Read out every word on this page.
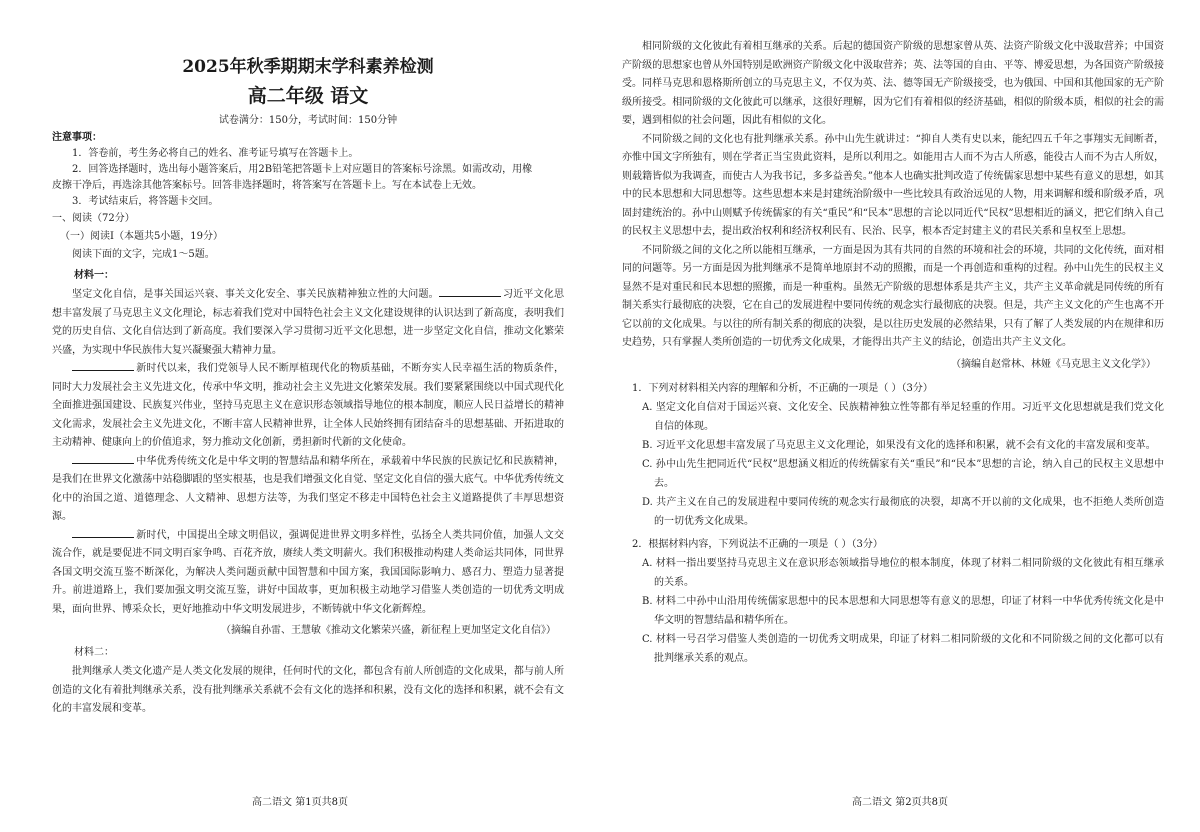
2025年秋季期期末学科素养检测
高二年级 语文
试卷满分：150分，考试时间：150分钟
注意事项：
1．答卷前，考生务必将自己的姓名、准考证号填写在答题卡上。
2．回答选择题时，选出每小题答案后，用2B铅笔把答题卡上对应题目的答案标号涂黑。如需改动，用橡
皮擦干净后，再选涂其他答案标号。回答非选择题时，将答案写在答题卡上。写在本试卷上无效。
3．考试结束后，将答题卡交回。
一、阅读（72分）
（一）阅读Ⅰ（本题共5小题，19分）
阅读下面的文字，完成1～5题。
材料一：

坚定文化自信，是事关国运兴衰、事关文化安全、事关民族精神独立性的大问题。	习近平文化思想丰富发展了马克思主义文化理论，标志着我们党对中国特色社会主义文化建设规律的认识达到了新高度，表明我们党的历史自信、文化自信达到了新高度。我们要深入学习贯彻习近平文化思想，进一步坚定文化自信，推动文化繁荣兴盛，为实现中华民族伟大复兴凝聚强大精神力量。

新时代以来，我们党领导人民不断厚植现代化的物质基础，不断夯实人民幸福生活的物质条件，同时大力发展社会主义先进文化，传承中华文明，推动社会主义先进文化繁荣发展。我们要紧紧围绕以中国式现代化全面推进强国建设、民族复兴伟业，坚持马克思主义在意识形态领域指导地位的根本制度，顺应人民日益增长的精神文化需求，发展社会主义先进文化，不断丰富人民精神世界，让全体人民始终拥有团结奋斗的思想基础、开拓进取的主动精神、健康向上的价值追求，努力推动文化创新，勇担新时代新的文化使命。

中华优秀传统文化是中华文明的智慧结晶和精华所在，承载着中华民族的民族记忆和民族精神，是我们在世界文化激荡中站稳脚跟的坚实根基，也是我们增强文化自觉、坚定文化自信的强大底气。中华优秀传统文化中的治国之道、道德理念、人文精神、思想方法等，为我们坚定不移走中国特色社会主义道路提供了丰厚思想资源。

新时代，中国提出全球文明倡议，强调促进世界文明多样性，弘扬全人类共同价值，加强人文交流合作，就是要促进不同文明百家争鸣、百花齐放，赓续人类文明薪火。我们积极推动构建人类命运共同体，同世界各国文明交流互鉴不断深化，为解决人类问题贡献中国智慧和中国方案，我国国际影响力、感召力、塑造力显著提升。前进道路上，我们要加强文明交流互鉴，讲好中国故事，更加积极主动地学习借鉴人类创造的一切优秀文明成果，面向世界、博采众长，更好地推动中华文明发展进步，不断铸就中华文化新辉煌。

（摘编自孙雷、王慧敏《推动文化繁荣兴盛，新征程上更加坚定文化自信》）
材料二：

批判继承人类文化遗产是人类文化发展的规律，任何时代的文化，都包含有前人所创造的文化成果，都与前人所创造的文化有着批判继承关系，没有批判继承关系就不会有文化的选择和积累，没有文化的选择和积累，就不会有文化的丰富发展和变革。

高二语文 第1页共8页

相同阶级的文化彼此有着相互继承的关系。后起的德国资产阶级的思想家曾从英、法资产阶级文化中汲取营养；中国资产阶级的思想家也曾从外国特别是欧洲资产阶级文化中汲取营养；英、法等国的自由、平等、博爱思想，为各国资产阶级接受。同样马克思和恩格斯所创立的马克思主义，不仅为英、法、德等国无产阶级接受，也为俄国、中国和其他国家的无产阶级所接受。相同阶级的文化彼此可以继承，这很好理解，因为它们有着相似的经济基础，相似的阶级本质，相似的社会的需要，遇到相似的社会问题，因此有相似的文化。

不同阶级之间的文化也有批判继承关系。孙中山先生就讲过：“抑自人类有史以来，能纪四五千年之事翔实无间断者，亦惟中国文字所独有，则在学者正当宝贵此资料，是所以利用之。如能用古人而不为古人所惑，能役古人而不为古人所奴，则载籍皆似为我调查，而使古人为我书记，多多益善矣。”他本人也确实批判改造了传统儒家思想中某些有意义的思想，如其中的民本思想和大同思想等。这些思想本来是封建统治阶级中一些比较具有政治远见的人物，用来调解和缓和阶级矛盾，巩固封建统治的。孙中山则赋予传统儒家的有关“重民”和“民本”思想的言论以同近代“民权”思想相近的涵义，把它们纳入自己的民权主义思想中去，提出政治权利和经济权利民有、民治、民享，根本否定封建主义的君民关系和皇权至上思想。

不同阶级之间的文化之所以能相互继承，一方面是因为其有共同的自然的环境和社会的环境，共同的文化传统，面对相同的问题等。另一方面是因为批判继承不是简单地原封不动的照搬，而是一个再创造和重构的过程。孙中山先生的民权主义显然不是对重民和民本思想的照搬，而是一种重构。虽然无产阶级的思想体系是共产主义，共产主义革命就是同传统的所有制关系实行最彻底的决裂，它在自己的发展进程中要同传统的观念实行最彻底的决裂。但是，共产主义文化的产生也离不开它以前的文化成果。与以往的所有制关系的彻底的决裂，是以往历史发展的必然结果，只有了解了人类发展的内在规律和历史趋势，只有掌握人类所创造的一切优秀文化成果，才能得出共产主义的结论，创造出共产主义文化。

（摘编自赵常林、林娅《马克思主义文化学》）
1．下列对材料相关内容的理解和分析，不正确的一项是（ ）（3分）
A. 坚定文化自信对于国运兴衰、文化安全、民族精神独立性等都有举足轻重的作用。习近平文化思想就是我们党文化自信的体现。
B. 习近平文化思想丰富发展了马克思主义文化理论，如果没有文化的选择和积累，就不会有文化的丰富发展和变革。
C. 孙中山先生把同近代“民权”思想涵义相近的传统儒家有关“重民”和“民本”思想的言论，纳入自己的民权主义思想中去。
D. 共产主义在自己的发展进程中要同传统的观念实行最彻底的决裂，却离不开以前的文化成果，也不拒绝人类所创造的一切优秀文化成果。
2．根据材料内容，下列说法不正确的一项是（ ）（3分）
A. 材料一指出要坚持马克思主义在意识形态领域指导地位的根本制度，体现了材料二相同阶级的文化彼此有相互继承的关系。
B. 材料二中孙中山沿用传统儒家思想中的民本思想和大同思想等有意义的思想，印证了材料一中华优秀传统文化是中华文明的智慧结晶和精华所在。
C. 材料一号召学习借鉴人类创造的一切优秀文明成果，印证了材料二相同阶级的文化和不同阶级之间的文化都可以有批判继承关系的观点。
高二语文 第2页共8页
